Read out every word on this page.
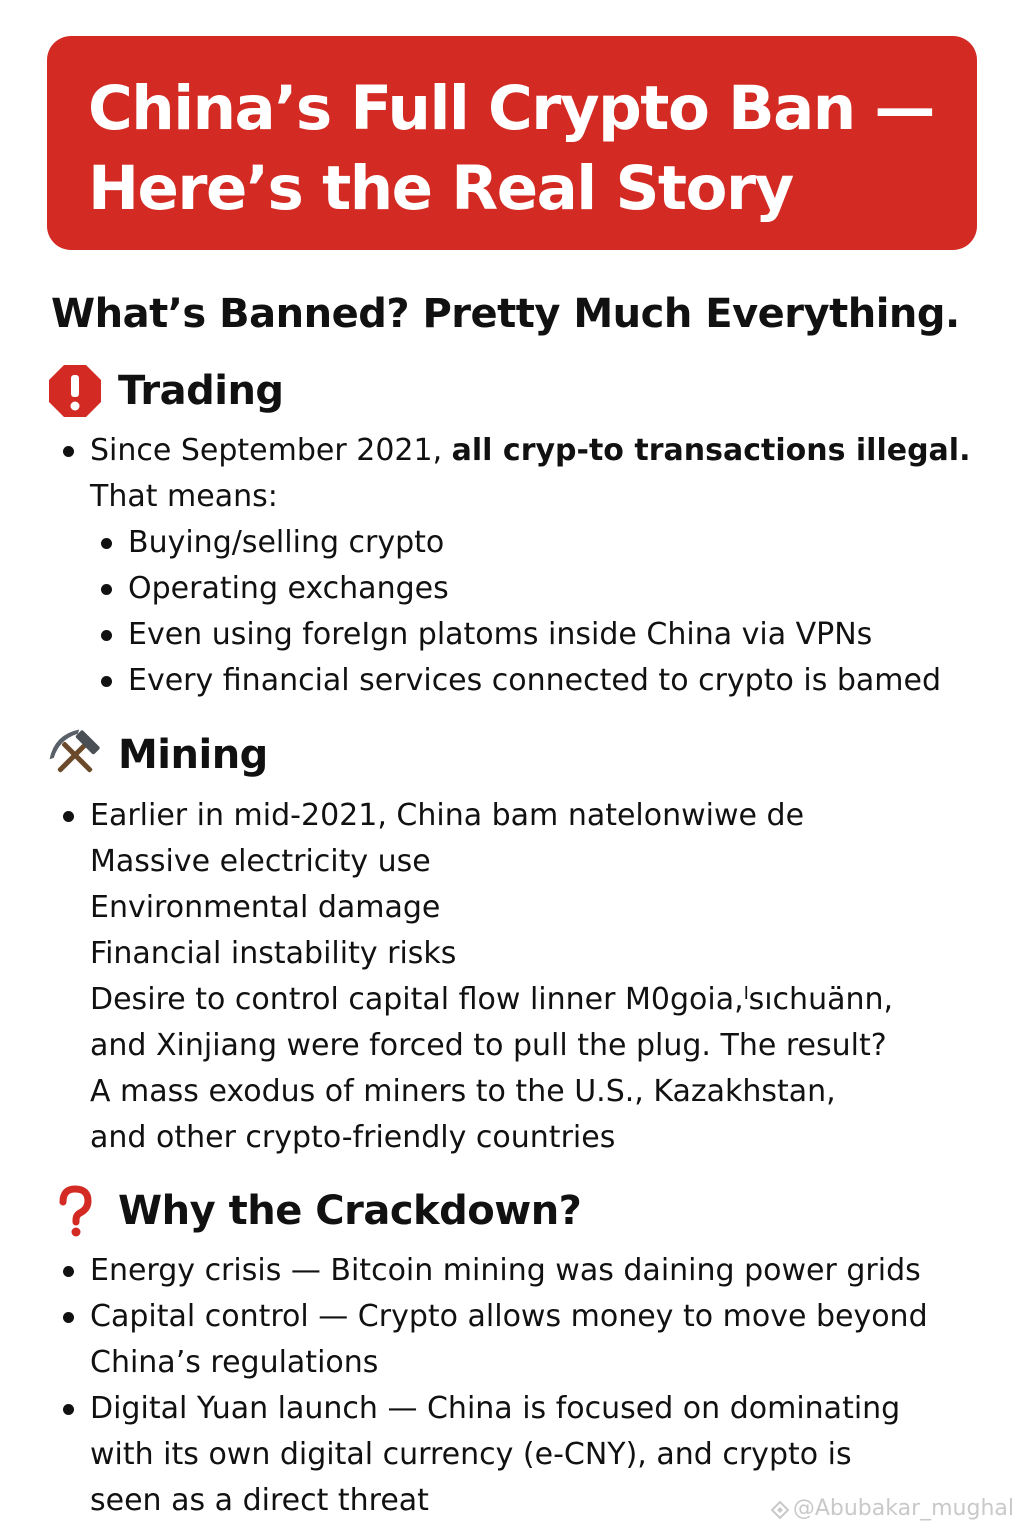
China’s Full Crypto Ban —
Here’s the Real Story
What’s Banned? Pretty Much Everything.
Trading
Since September 2021, all cryp-to transactions illegal.
That means:
Buying/selling crypto
Operating exchanges
Even using foreIgn platoms inside China via VPNs
Every financial services connected to crypto is bamed
Mining
Earlier in mid-2021, China bam natelonwiwe de
Massive electricity use
Environmental damage
Financial instability risks
Desire to control capital flow linner M0goia,ˡsıchuänn,
and Xinjiang were forced to pull the plug. The result?
A mass exodus of miners to the U.S., Kazakhstan,
and other crypto-friendly countries
Why the Crackdown?
Energy crisis — Bitcoin mining was daining power grids
Capital control — Crypto allows money to move beyond
China’s regulations
Digital Yuan launch — China is focused on dominating
with its own digital currency (e-CNY), and crypto is
seen as a direct threat	@Abubakar_mughal
